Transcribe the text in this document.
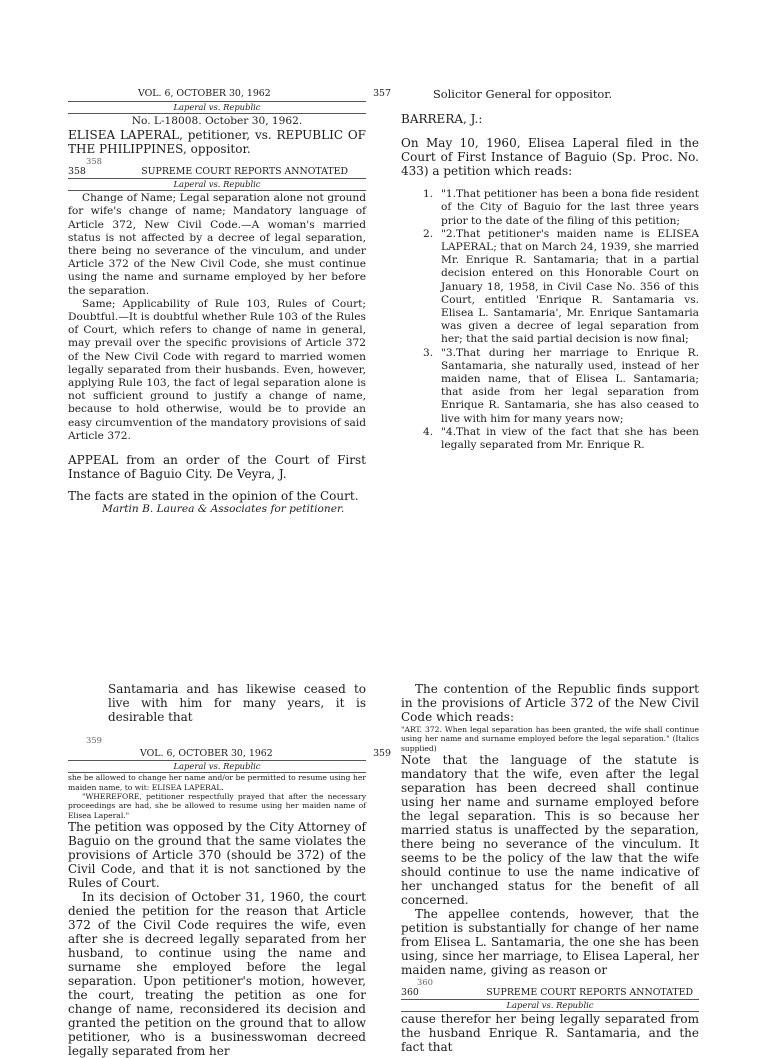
VOL. 6, OCTOBER 30, 1962	357
Laperal vs. Republic
No. L-18008. October 30, 1962.
ELISEA LAPERAL, petitioner, vs. REPUBLIC OF THE PHILIPPINES, oppositor.
358
358	SUPREME COURT REPORTS ANNOTATED
Laperal vs. Republic
Change of Name; Legal separation alone not ground for wife's change of name; Mandatory language of Article 372, New Civil Code.—A woman's married status is not affected by a decree of legal separation, there being no severance of the vinculum, and under Article 372 of the New Civil Code, she must continue using the name and surname employed by her before the separation.
Same; Applicability of Rule 103, Rules of Court; Doubtful.—It is doubtful whether Rule 103 of the Rules of Court, which refers to change of name in general, may prevail over the specific provisions of Article 372 of the New Civil Code with regard to married women legally separated from their husbands. Even, however, applying Rule 103, the fact of legal separation alone is not sufficient ground to justify a change of name, because to hold otherwise, would be to provide an easy circumvention of the mandatory provisions of said Article 372.
APPEAL from an order of the Court of First Instance of Baguio City. De Veyra, J.
The facts are stated in the opinion of the Court.
Martin B. Laurea & Associates for petitioner.
Solicitor General for oppositor.
BARRERA, J.:
On May 10, 1960, Elisea Laperal filed in the Court of First Instance of Baguio (Sp. Proc. No. 433) a petition which reads:
1. "1.That petitioner has been a bona fide resident of the City of Baguio for the last three years prior to the date of the filing of this petition;
2. "2.That petitioner's maiden name is ELISEA LAPERAL; that on March 24, 1939, she married Mr. Enrique R. Santamaria; that in a partial decision entered on this Honorable Court on January 18, 1958, in Civil Case No. 356 of this Court, entitled 'Enrique R. Santamaria vs. Elisea L. Santamaria', Mr. Enrique Santamaria was given a decree of legal separation from her; that the said partial decision is now final;
3. "3.That during her marriage to Enrique R. Santamaria, she naturally used, instead of her maiden name, that of Elisea L. Santamaria; that aside from her legal separation from Enrique R. Santamaria, she has also ceased to live with him for many years now;
4. "4.That in view of the fact that she has been legally separated from Mr. Enrique R.
Santamaria and has likewise ceased to live with him for many years, it is desirable that
359
VOL. 6, OCTOBER 30, 1962	359
Laperal vs. Republic
she be allowed to change her name and/or be permitted to resume using her maiden name, to wit: ELISEA LAPERAL.
"WHEREFORE, petitioner respectfully prayed that after the necessary proceedings are had, she be allowed to resume using her maiden name of Elisea Laperal."
The petition was opposed by the City Attorney of Baguio on the ground that the same violates the provisions of Article 370 (should be 372) of the Civil Code, and that it is not sanctioned by the Rules of Court.
In its decision of October 31, 1960, the court denied the petition for the reason that Article 372 of the Civil Code requires the wife, even after she is decreed legally separated from her husband, to continue using the name and surname she employed before the legal separation. Upon petitioner's motion, however, the court, treating the petition as one for change of name, reconsidered its decision and granted the petition on the ground that to allow petitioner, who is a businesswoman decreed legally separated from her
The contention of the Republic finds support in the provisions of Article 372 of the New Civil Code which reads:
"ART. 372. When legal separation has been granted, the wife shall continue using her name and surname employed before the legal separation." (Italics supplied)
Note that the language of the statute is mandatory that the wife, even after the legal separation has been decreed shall continue using her name and surname employed before the legal separation. This is so because her married status is unaffected by the separation, there being no severance of the vinculum. It seems to be the policy of the law that the wife should continue to use the name indicative of her unchanged status for the benefit of all concerned.
The appellee contends, however, that the petition is substantially for change of her name from Elisea L. Santamaria, the one she has been using, since her marriage, to Elisea Laperal, her maiden name, giving as reason or
360
360	SUPREME COURT REPORTS ANNOTATED
Laperal vs. Republic
cause therefor her being legally separated from the husband Enrique R. Santamaria, and the fact that
